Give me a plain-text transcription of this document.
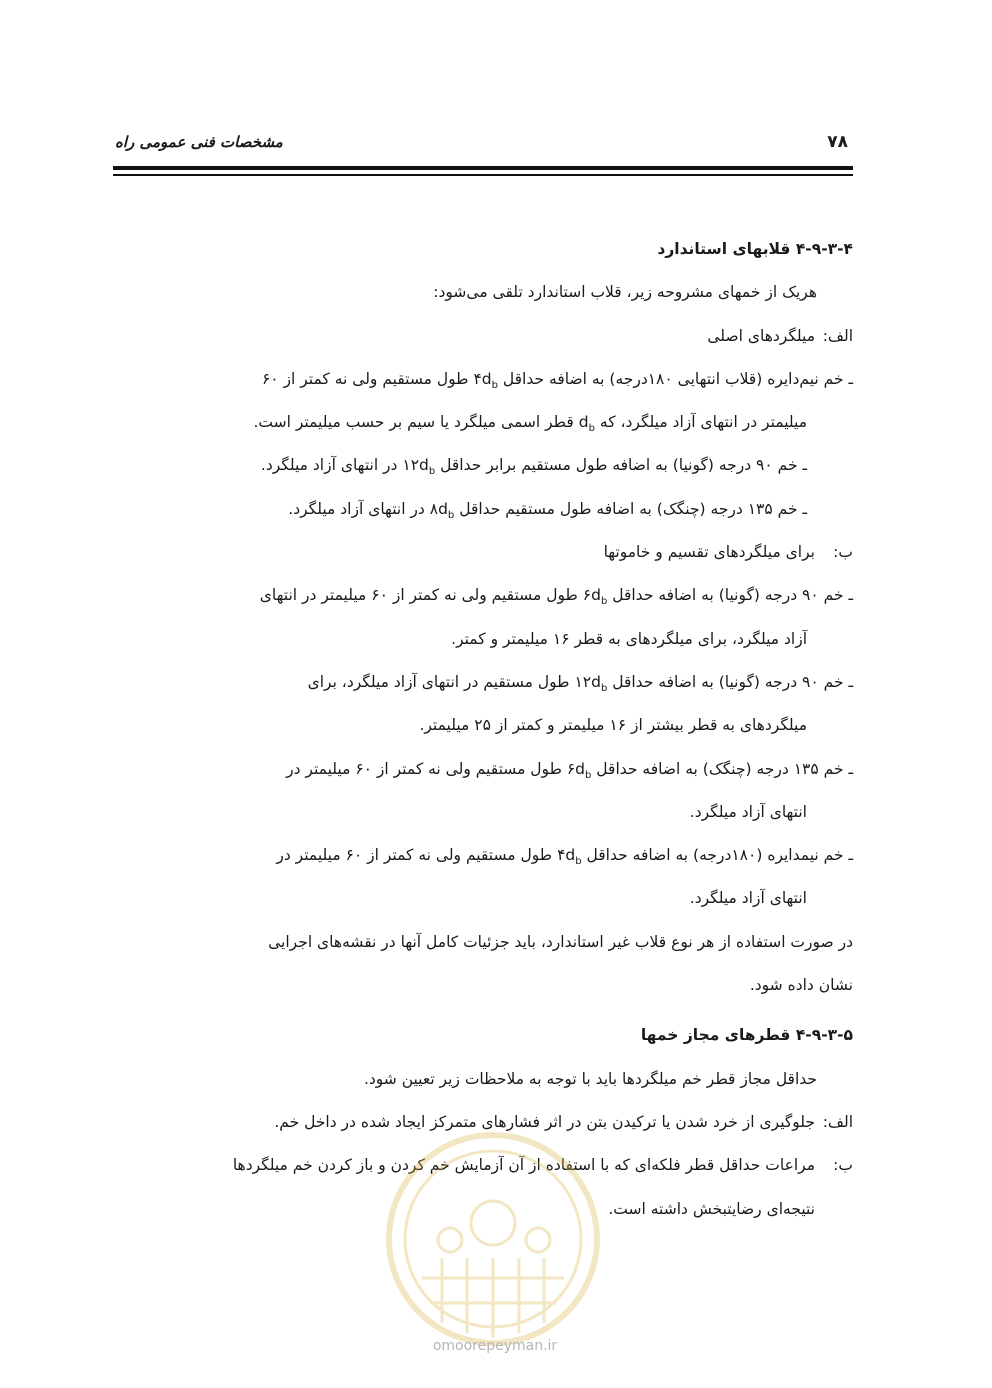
مشخصات فنی عمومی راه	۷۸

۴-۹-۳-۴ قلابهای استاندارد

هریک از خمهای مشروحه زیر، قلاب استاندارد تلقی می‌شود:

الف:
میلگردهای اصلی

ـ خم نیم‌دایره (قلاب انتهایی ۱۸۰درجه) به اضافه حداقل $۴d_b$ طول مستقیم ولی نه کمتر از ۶۰

میلیمتر در انتهای آزاد میلگرد، که $d_b$ قطر اسمی میلگرد یا سیم بر حسب میلیمتر است.

ـ خم ۹۰ درجه (گونیا) به اضافه طول مستقیم برابر حداقل $۱۲d_b$ در انتهای آزاد میلگرد.

ـ خم ۱۳۵ درجه (چنگک) به اضافه طول مستقیم حداقل $۸d_b$ در انتهای آزاد میلگرد.

ب:
برای میلگردهای تقسیم و خاموتها

ـ خم ۹۰ درجه (گونیا) به اضافه حداقل $۶d_b$ طول مستقیم ولی نه کمتر از ۶۰ میلیمتر در انتهای

آزاد میلگرد، برای میلگردهای به قطر ۱۶ میلیمتر و کمتر.

ـ خم ۹۰ درجه (گونیا) به اضافه حداقل $۱۲d_b$ طول مستقیم در انتهای آزاد میلگرد، برای

میلگردهای به قطر بیشتر از ۱۶ میلیمتر و کمتر از ۲۵ میلیمتر.

ـ خم ۱۳۵ درجه (چنگک) به اضافه حداقل $۶d_b$ طول مستقیم ولی نه کمتر از ۶۰ میلیمتر در

انتهای آزاد میلگرد.

ـ خم نیمدایره (۱۸۰درجه) به اضافه حداقل $۴d_b$ طول مستقیم ولی نه کمتر از ۶۰ میلیمتر در

انتهای آزاد میلگرد.

در صورت استفاده از هر نوع قلاب غیر استاندارد، باید جزئیات کامل آنها در نقشه‌های اجرایی

نشان داده شود.

۴-۹-۳-۵ قطرهای مجاز خمها

حداقل مجاز قطر خم میلگردها باید با توجه به ملاحظات زیر تعیین شود.

الف:
جلوگیری از خرد شدن یا ترکیدن بتن در اثر فشارهای متمرکز ایجاد شده در داخل خم.
ب:
مراعات حداقل قطر فلکه‌ای که با استفاده از آن آزمایش خم کردن و باز کردن خم میلگردها
نتیجه‌ای رضایتبخش داشته است.
omoorepeyman.ir
